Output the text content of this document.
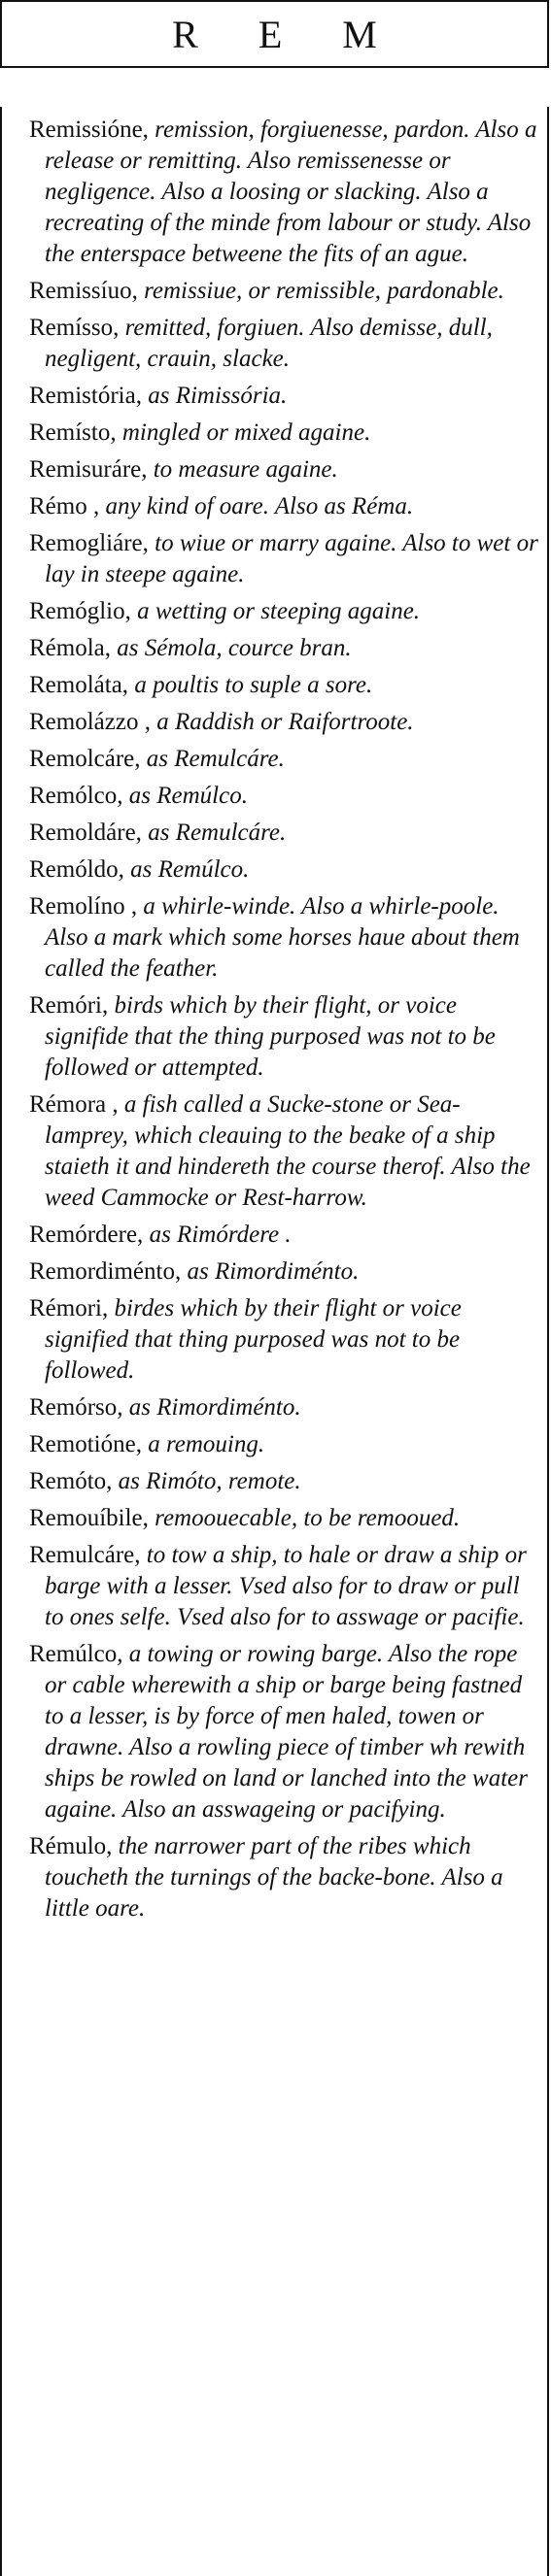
R E M
Remissióne, remission, forgiuenesse, pardon. Also a release or remitting. Also remissenesse or negligence. Also a loosing or slacking. Also a recreating of the minde from labour or study. Also the enterspace betweene the fits of an ague.
Remissíuo, remissiue, or remissible, pardonable.
Remísso, remitted, forgiuen. Also demisse, dull, negligent, crauin, slacke.
Remistória, as Rimissória.
Remísto, mingled or mixed againe.
Remisuráre, to measure againe.
Rémo , any kind of oare. Also as Réma.
Remogliáre, to wiue or marry againe. Also to wet or lay in steepe againe.
Remóglio, a wetting or steeping againe.
Rémola, as Sémola, cource bran.
Remoláta, a poultis to suple a sore.
Remolázzo , a Raddish or Raifortroote.
Remolcáre, as Remulcáre.
Remólco, as Remúlco.
Remoldáre, as Remulcáre.
Remóldo, as Remúlco.
Remolíno , a whirle-winde. Also a whirle-poole. Also a mark which some horses haue about them called the feather.
Remóri, birds which by their flight, or voice signifide that the thing purposed was not to be followed or attempted.
Rémora , a fish called a Sucke-stone or Sea-lamprey, which cleauing to the beake of a ship staieth it and hindereth the course therof. Also the weed Cammocke or Rest-harrow.
Remórdere, as Rimórdere .
Remordiménto, as Rimordiménto.
Rémori, birdes which by their flight or voice signified that thing purposed was not to be followed.
Remórso, as Rimordiménto.
Remotióne, a remouing.
Remóto, as Rimóto, remote.
Remouíbile, remoouecable, to be remooued.
Remulcáre, to tow a ship, to hale or draw a ship or barge with a lesser. Vsed also for to draw or pull to ones selfe. Vsed also for to asswage or pacifie.
Remúlco, a towing or rowing barge. Also the rope or cable wherewith a ship or barge being fastned to a lesser, is by force of men haled, towen or drawne. Also a rowling piece of timber wh rewith ships be rowled on land or lanched into the water againe. Also an asswageing or pacifying.
Rémulo, the narrower part of the ribes which toucheth the turnings of the backe-bone. Also a little oare.
